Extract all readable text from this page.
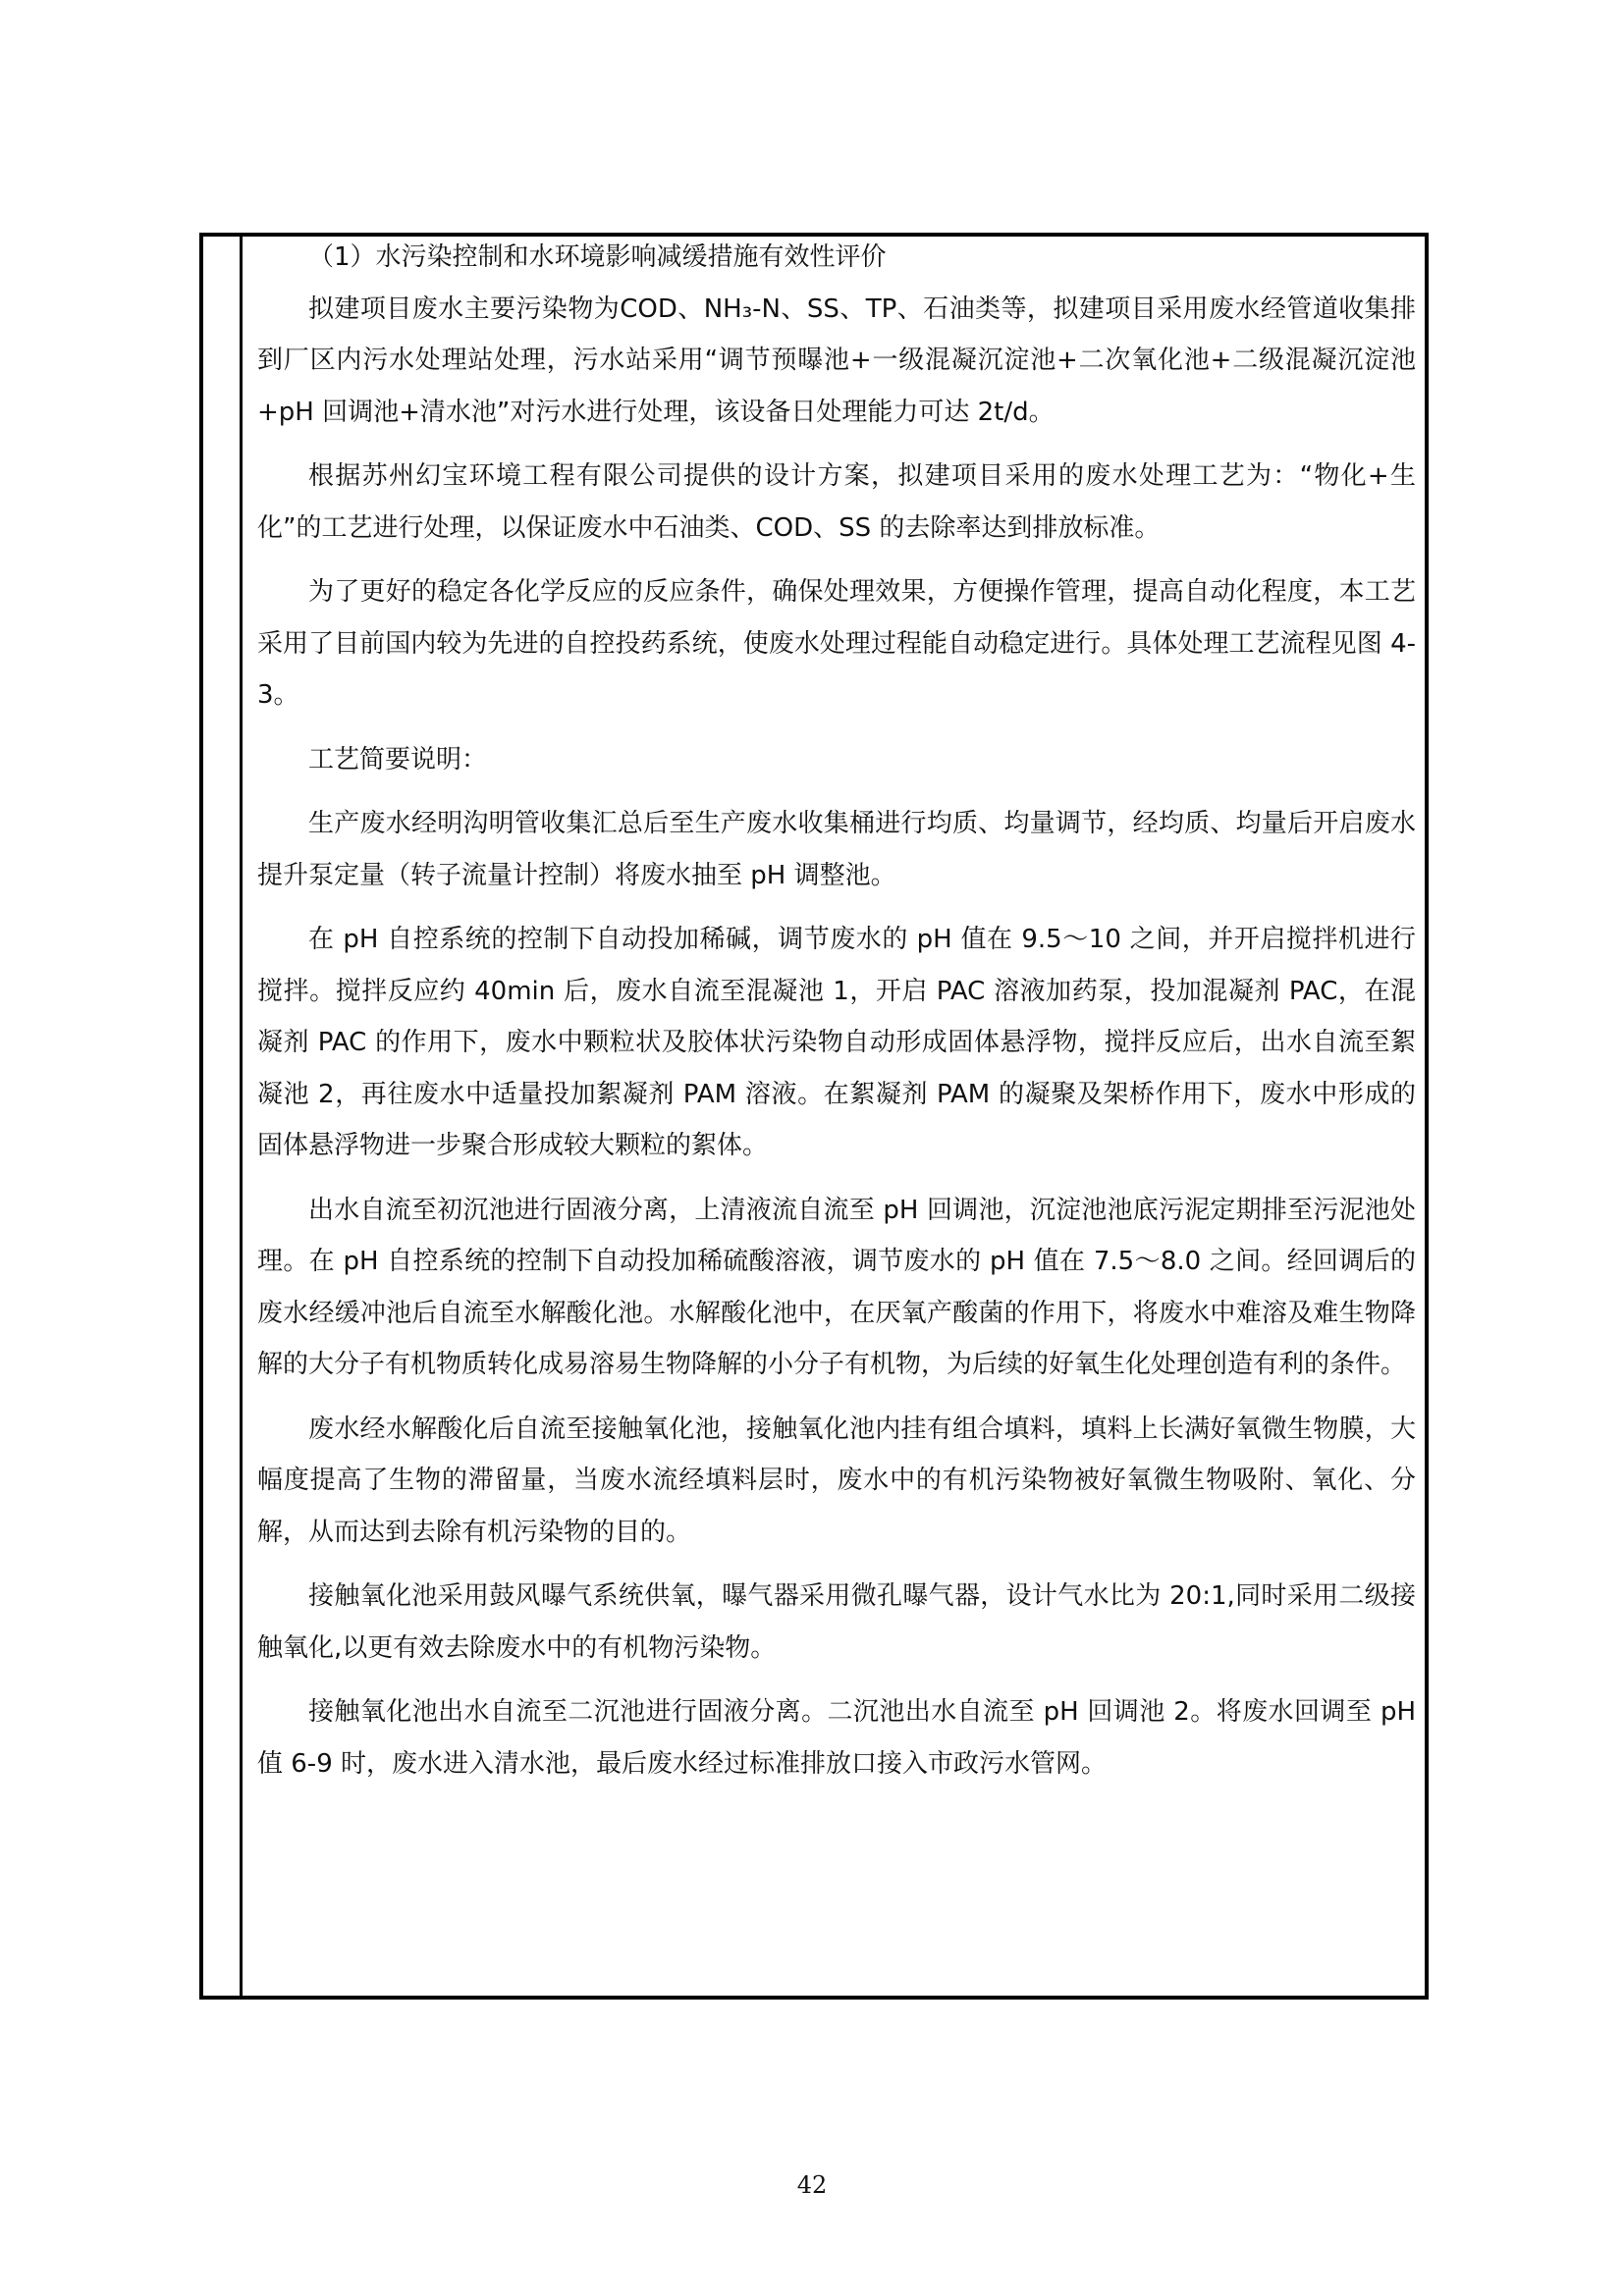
（1）水污染控制和水环境影响减缓措施有效性评价

拟建项目废水主要污染物为COD、NH₃-N、SS、TP、石油类等，拟建项目采用废水经管道收集排到厂区内污水处理站处理，污水站采用“调节预曝池+一级混凝沉淀池+二次氧化池+二级混凝沉淀池+pH 回调池+清水池”对污水进行处理，该设备日处理能力可达 2t/d。

根据苏州幻宝环境工程有限公司提供的设计方案，拟建项目采用的废水处理工艺为：“物化+生化”的工艺进行处理，以保证废水中石油类、COD、SS 的去除率达到排放标准。

为了更好的稳定各化学反应的反应条件，确保处理效果，方便操作管理，提高自动化程度，本工艺采用了目前国内较为先进的自控投药系统，使废水处理过程能自动稳定进行。具体处理工艺流程见图 4-3。

工艺简要说明：

生产废水经明沟明管收集汇总后至生产废水收集桶进行均质、均量调节，经均质、均量后开启废水提升泵定量（转子流量计控制）将废水抽至 pH 调整池。

在 pH 自控系统的控制下自动投加稀碱，调节废水的 pH 值在 9.5～10 之间，并开启搅拌机进行搅拌。搅拌反应约 40min 后，废水自流至混凝池 1，开启 PAC 溶液加药泵，投加混凝剂 PAC，在混凝剂 PAC 的作用下，废水中颗粒状及胶体状污染物自动形成固体悬浮物，搅拌反应后，出水自流至絮凝池 2，再往废水中适量投加絮凝剂 PAM 溶液。在絮凝剂 PAM 的凝聚及架桥作用下，废水中形成的固体悬浮物进一步聚合形成较大颗粒的絮体。

出水自流至初沉池进行固液分离，上清液流自流至 pH 回调池，沉淀池池底污泥定期排至污泥池处理。在 pH 自控系统的控制下自动投加稀硫酸溶液，调节废水的 pH 值在 7.5～8.0 之间。经回调后的废水经缓冲池后自流至水解酸化池。水解酸化池中，在厌氧产酸菌的作用下，将废水中难溶及难生物降解的大分子有机物质转化成易溶易生物降解的小分子有机物，为后续的好氧生化处理创造有利的条件。

废水经水解酸化后自流至接触氧化池，接触氧化池内挂有组合填料，填料上长满好氧微生物膜，大幅度提高了生物的滞留量，当废水流经填料层时，废水中的有机污染物被好氧微生物吸附、氧化、分解，从而达到去除有机污染物的目的。

接触氧化池采用鼓风曝气系统供氧，曝气器采用微孔曝气器，设计气水比为 20:1,同时采用二级接触氧化,以更有效去除废水中的有机物污染物。

接触氧化池出水自流至二沉池进行固液分离。二沉池出水自流至 pH 回调池 2。将废水回调至 pH 值 6-9 时，废水进入清水池，最后废水经过标准排放口接入市政污水管网。

42
